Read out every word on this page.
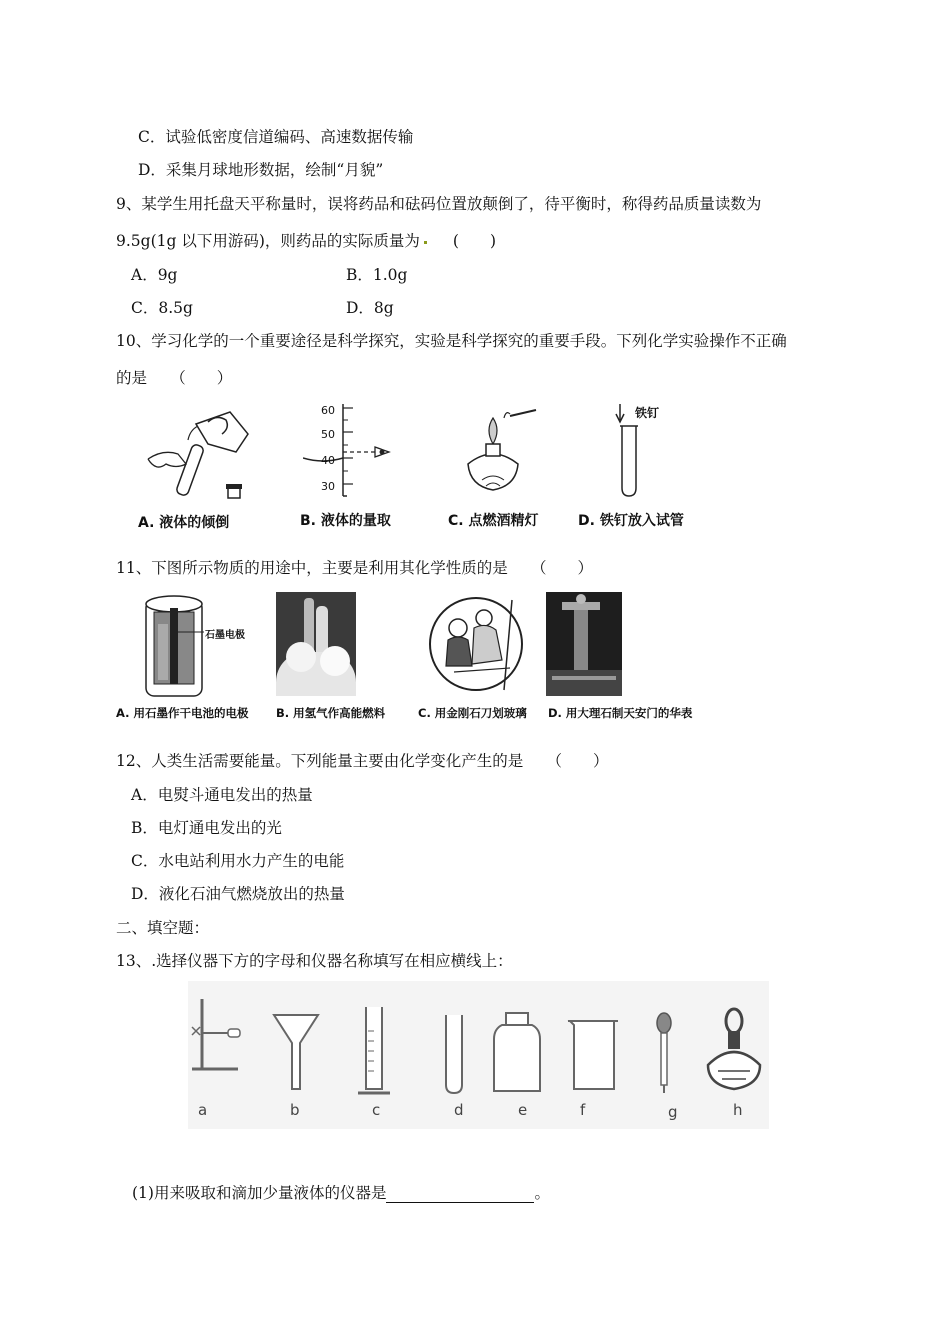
C．试验低密度信道编码、高速数据传输
D．采集月球地形数据，绘制“月貌”
9、某学生用托盘天平称量时，误将药品和砝码位置放颠倒了，待平衡时，称得药品质量读数为
9.5g(1g 以下用游码)，则药品的实际质量为 (　　)
A．9g	B．1.0g
C．8.5g	D．8g
10、学习化学的一个重要途径是科学探究，实验是科学探究的重要手段。下列化学实验操作不正确
的是　　（　　）
A. 液体的倾倒
60
50
40
30
B. 液体的量取	C. 点燃酒精灯
铁钉
D. 铁钉放入试管
11、下图所示物质的用途中，主要是利用其化学性质的是　　（　　）
石墨电极
A. 用石墨作干电池的电极 B. 用氢气作高能燃料	C. 用金刚石刀划玻璃 D. 用大理石制天安门的华表
12、人类生活需要能量。下列能量主要由化学变化产生的是　　（　　）
A．电熨斗通电发出的热量
B．电灯通电发出的光
C．水电站利用水力产生的电能
D．液化石油气燃烧放出的热量
二、填空题：
13、.选择仪器下方的字母和仪器名称填写在相应横线上：
a	b	c	d	e	f	g	h
(1)用来吸取和滴加少量液体的仪器是	。
